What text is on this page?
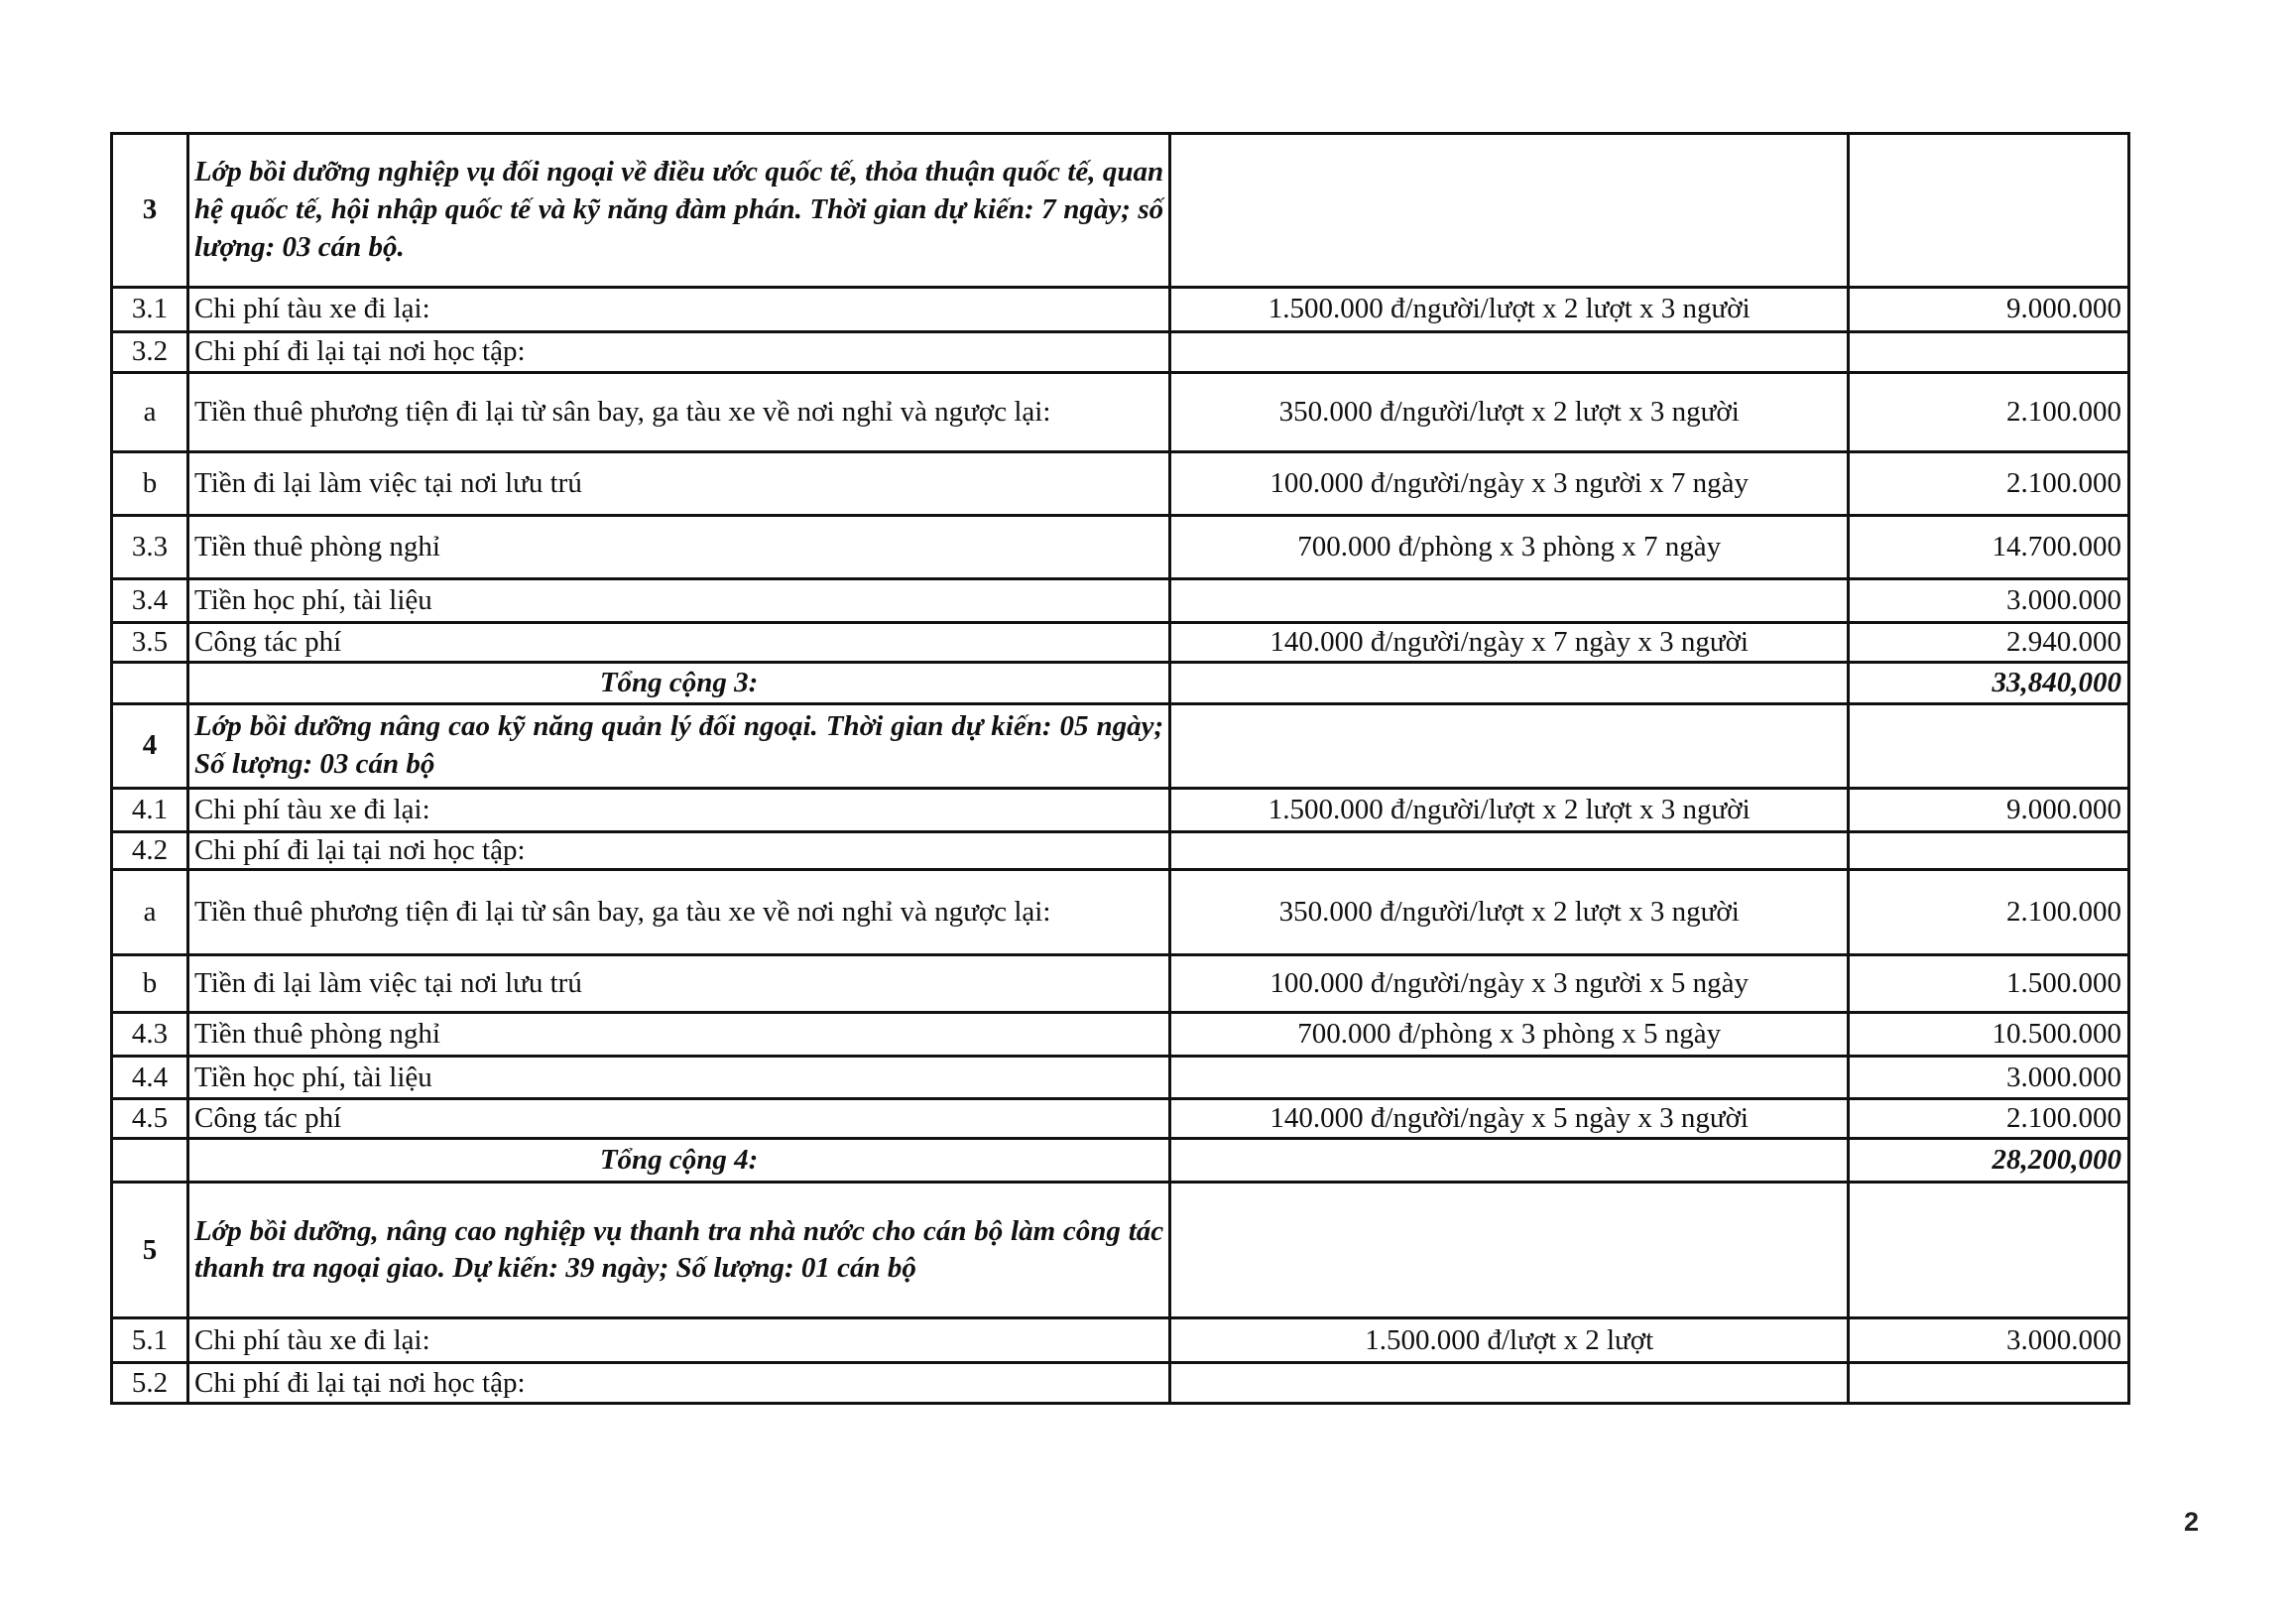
3	Lớp bồi dưỡng nghiệp vụ đối ngoại về điều ước quốc tế, thỏa thuận quốc tế, quan hệ quốc tế, hội nhập quốc tế và kỹ năng đàm phán. Thời gian dự kiến: 7 ngày; số lượng: 03 cán bộ.		
3.1	Chi phí tàu xe đi lại:	1.500.000 đ/người/lượt x 2 lượt x 3 người	9.000.000
3.2	Chi phí đi lại tại nơi học tập:		
a	Tiền thuê phương tiện đi lại từ sân bay, ga tàu xe về nơi nghỉ và ngược lại:	350.000 đ/người/lượt x 2 lượt x 3 người	2.100.000
b	Tiền đi lại làm việc tại nơi lưu trú	100.000 đ/người/ngày x 3 người x 7 ngày	2.100.000
3.3	Tiền thuê phòng nghỉ	700.000 đ/phòng x 3 phòng x 7 ngày	14.700.000
3.4	Tiền học phí, tài liệu		3.000.000
3.5	Công tác phí	140.000 đ/người/ngày x 7 ngày x 3 người	2.940.000
	Tổng cộng 3:		33,840,000
4	Lớp bồi dưỡng nâng cao kỹ năng quản lý đối ngoại. Thời gian dự kiến: 05 ngày; Số lượng: 03 cán bộ		
4.1	Chi phí tàu xe đi lại:	1.500.000 đ/người/lượt x 2 lượt x 3 người	9.000.000
4.2	Chi phí đi lại tại nơi học tập:		
a	Tiền thuê phương tiện đi lại từ sân bay, ga tàu xe về nơi nghỉ và ngược lại:	350.000 đ/người/lượt x 2 lượt x 3 người	2.100.000
b	Tiền đi lại làm việc tại nơi lưu trú	100.000 đ/người/ngày x 3 người x 5 ngày	1.500.000
4.3	Tiền thuê phòng nghỉ	700.000 đ/phòng x 3 phòng x 5 ngày	10.500.000
4.4	Tiền học phí, tài liệu		3.000.000
4.5	Công tác phí	140.000 đ/người/ngày x 5 ngày x 3 người	2.100.000
	Tổng cộng 4:		28,200,000
5	Lớp bồi dưỡng, nâng cao nghiệp vụ thanh tra nhà nước cho cán bộ làm công tác thanh tra ngoại giao. Dự kiến: 39 ngày; Số lượng: 01 cán bộ		
5.1	Chi phí tàu xe đi lại:	1.500.000 đ/lượt x 2 lượt	3.000.000
5.2	Chi phí đi lại tại nơi học tập:		
2
